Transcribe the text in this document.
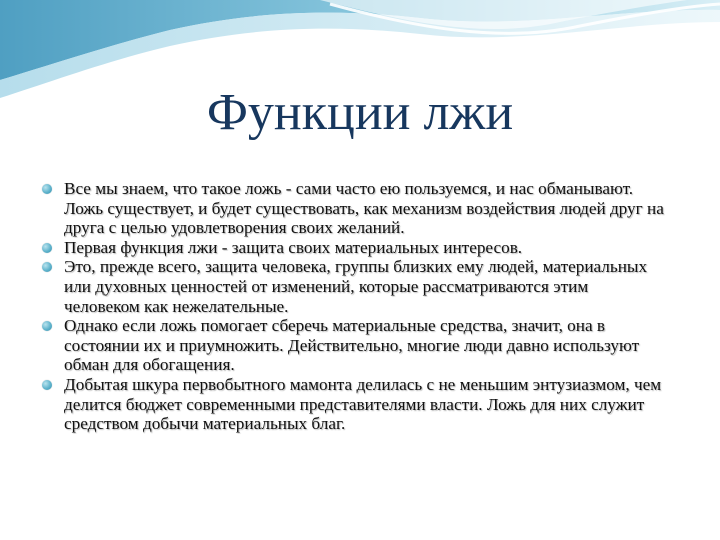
Функции лжи
Все мы знаем, что такое ложь - сами часто ею пользуемся, и нас обманывают. Ложь существует, и будет существовать, как механизм воздействия людей друг на друга с целью удовлетворения своих желаний.
Первая функция лжи - защита своих материальных интересов.
Это, прежде всего, защита человека, группы близких ему людей, материальных или духовных ценностей от изменений, которые рассматриваются этим человеком как нежелательные.
Однако если ложь помогает сберечь материальные средства, значит, она в состоянии их и приумножить. Действительно, многие люди давно используют обман для обогащения.
Добытая шкура первобытного мамонта делилась с не меньшим энтузиазмом, чем делится бюджет современными представителями власти. Ложь для них служит средством добычи материальных благ.
